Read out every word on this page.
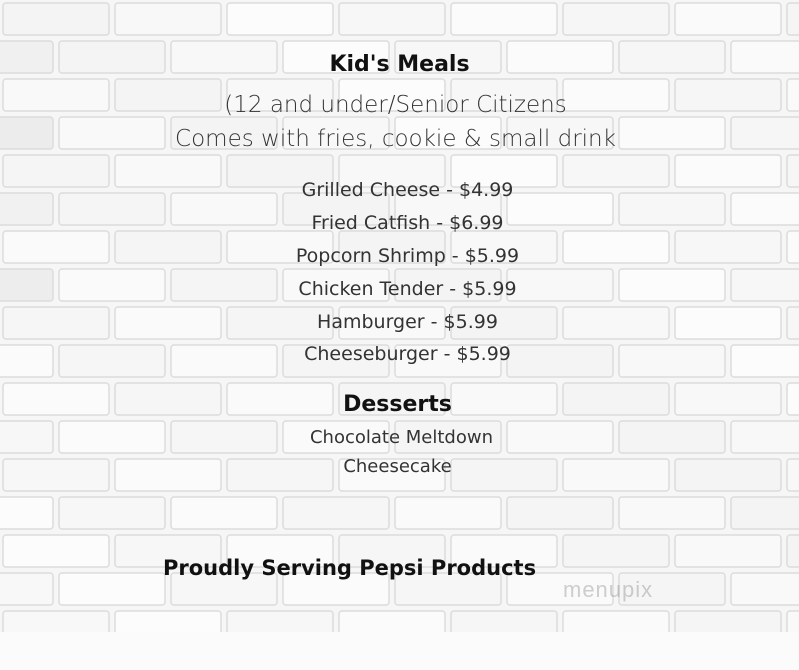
Kid's Meals
(12 and under/Senior Citizens
Comes with fries, cookie & small drink
Grilled Cheese - $4.99
Fried Catfish - $6.99
Popcorn Shrimp - $5.99
Chicken Tender - $5.99
Hamburger - $5.99
Cheeseburger - $5.99
Desserts
Chocolate Meltdown
Cheesecake
Proudly Serving Pepsi Products
menupix
